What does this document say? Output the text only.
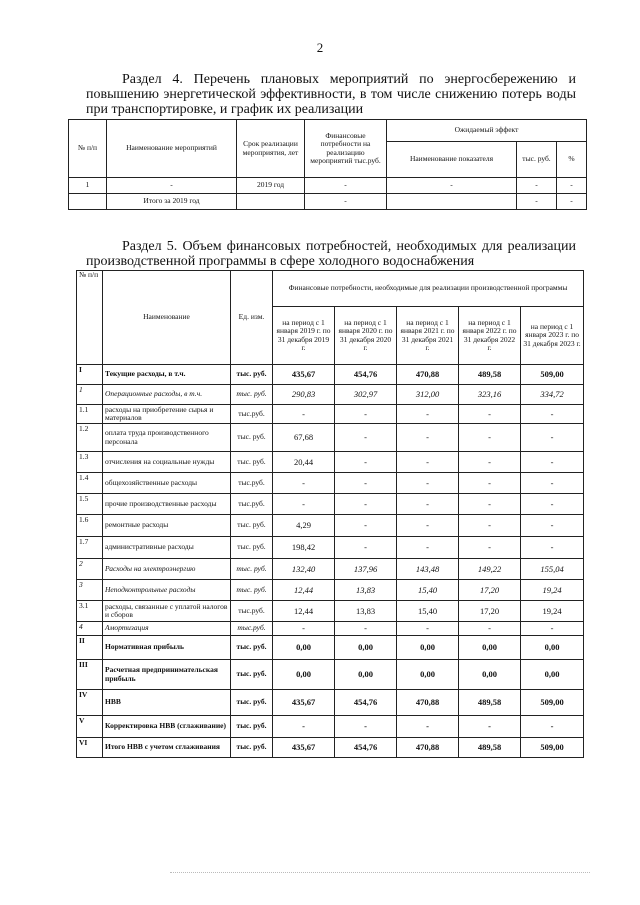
2
Раздел 4. Перечень плановых мероприятий по энергосбережению и повышению энергетической эффективности, в том числе снижению потерь воды при транспортировке, и график их реализации
№ п/п	Наименование мероприятий	Срок реализации мероприятия, лет	Финансовые потребности на реализацию мероприятий тыс.руб.	Ожидаемый эффект		
				Наименование показателя	тыс. руб.	%
1	-	2019 год	-	-	-	-
	Итого за 2019 год		-		-	-
Раздел 5. Объем финансовых потребностей, необходимых для реализации производственной программы в сфере холодного водоснабжения
№ п/п	Наименование	Ед. изм.	Финансовые потребности, необходимые для реализации производственной программы				
			на период с 1 января 2019 г. по 31 декабря 2019 г.	на период с 1 января 2020 г. по 31 декабря 2020 г.	на период с 1 января 2021 г. по 31 декабря 2021 г.	на период с 1 января 2022 г. по 31 декабря 2022 г.	на период с 1 января 2023 г. по 31 декабря 2023 г.
I	Текущие расходы, в т.ч.	тыс. руб.	435,67	454,76	470,88	489,58	509,00
1	Операционные расходы, в т.ч.	тыс. руб.	290,83	302,97	312,00	323,16	334,72
1.1	расходы на приобретение сырья и материалов	тыс.руб.	-	-	-	-	-
1.2	оплата труда производственного персонала	тыс. руб.	67,68	-	-	-	-
1.3	отчисления на социальные нужды	тыс. руб.	20,44	-	-	-	-
1.4	общехозяйственные расходы	тыс.руб.	-	-	-	-	-
1.5	прочие производственные расходы	тыс.руб.	-	-	-	-	-
1.6	ремонтные расходы	тыс. руб.	4,29	-	-	-	-
1.7	административные расходы	тыс. руб.	198,42	-	-	-	-
2	Расходы на электроэнергию	тыс. руб.	132,40	137,96	143,48	149,22	155,04
3	Неподконтрольные расходы	тыс. руб.	12,44	13,83	15,40	17,20	19,24
3.1	расходы, связанные с уплатой налогов и сборов	тыс.руб.	12,44	13,83	15,40	17,20	19,24
4	Амортизация	тыс.руб.	-	-	-	-	-
II	Нормативная прибыль	тыс. руб.	0,00	0,00	0,00	0,00	0,00
III	Расчетная предпринимательская прибыль	тыс. руб.	0,00	0,00	0,00	0,00	0,00
IV	НВВ	тыс. руб.	435,67	454,76	470,88	489,58	509,00
V	Корректировка НВВ (сглаживание)	тыс. руб.	-	-	-	-	-
VI	Итого НВВ с учетом сглаживания	тыс. руб.	435,67	454,76	470,88	489,58	509,00
